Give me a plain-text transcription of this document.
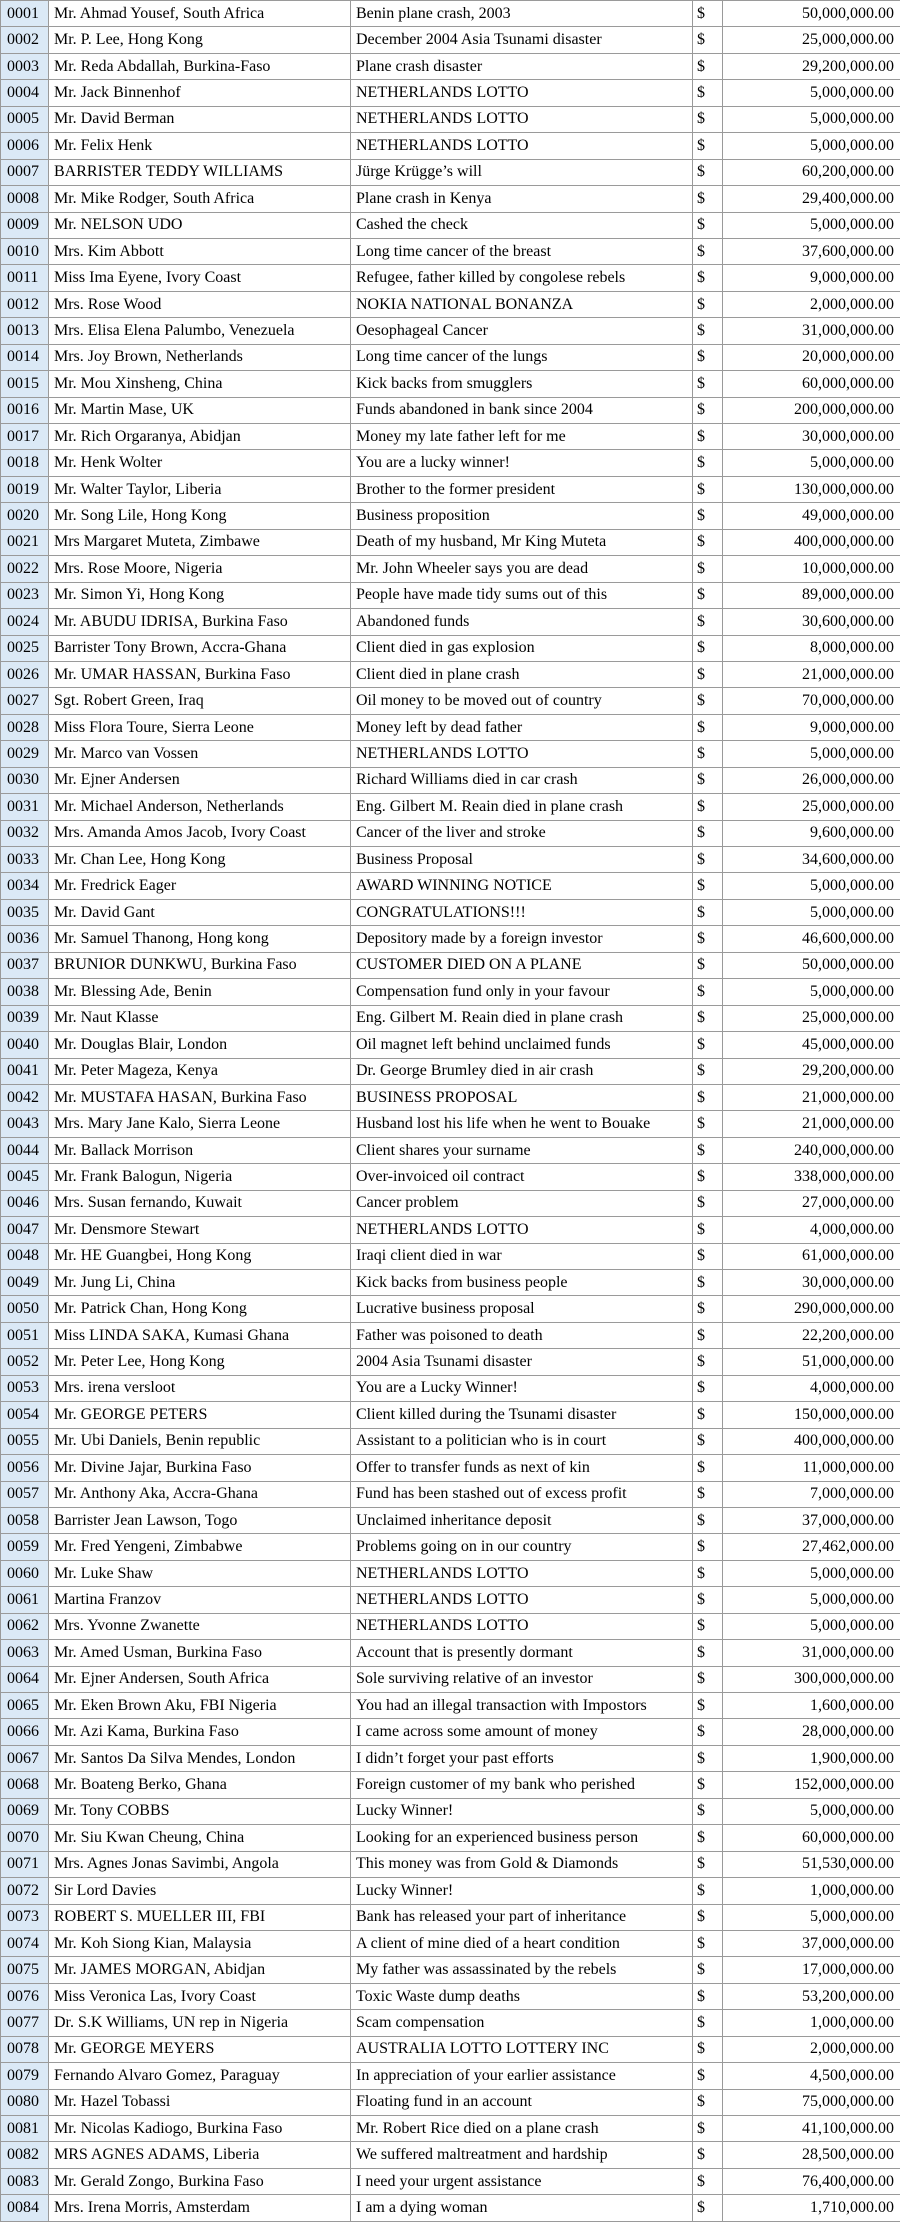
0001	Mr. Ahmad Yousef, South Africa	Benin plane crash, 2003	$	50,000,000.00
0002	Mr. P. Lee, Hong Kong	December 2004 Asia Tsunami disaster	$	25,000,000.00
0003	Mr. Reda Abdallah, Burkina-Faso	Plane crash disaster	$	29,200,000.00
0004	Mr. Jack Binnenhof	NETHERLANDS LOTTO	$	5,000,000.00
0005	Mr. David Berman	NETHERLANDS LOTTO	$	5,000,000.00
0006	Mr. Felix Henk	NETHERLANDS LOTTO	$	5,000,000.00
0007	BARRISTER TEDDY WILLIAMS	Jürge Krügge’s will	$	60,200,000.00
0008	Mr. Mike Rodger, South Africa	Plane crash in Kenya	$	29,400,000.00
0009	Mr. NELSON UDO	Cashed the check	$	5,000,000.00
0010	Mrs. Kim Abbott	Long time cancer of the breast	$	37,600,000.00
0011	Miss Ima Eyene, Ivory Coast	Refugee, father killed by congolese rebels	$	9,000,000.00
0012	Mrs. Rose Wood	NOKIA NATIONAL BONANZA	$	2,000,000.00
0013	Mrs. Elisa Elena Palumbo, Venezuela	Oesophageal Cancer	$	31,000,000.00
0014	Mrs. Joy Brown, Netherlands	Long time cancer of the lungs	$	20,000,000.00
0015	Mr. Mou Xinsheng, China	Kick backs from smugglers	$	60,000,000.00
0016	Mr. Martin Mase, UK	Funds abandoned in bank since 2004	$	200,000,000.00
0017	Mr. Rich Orgaranya, Abidjan	Money my late father left for me	$	30,000,000.00
0018	Mr. Henk Wolter	You are a lucky winner!	$	5,000,000.00
0019	Mr. Walter Taylor, Liberia	Brother to the former president	$	130,000,000.00
0020	Mr. Song Lile, Hong Kong	Business proposition	$	49,000,000.00
0021	Mrs Margaret Muteta, Zimbawe	Death of my husband, Mr King Muteta	$	400,000,000.00
0022	Mrs. Rose Moore, Nigeria	Mr. John Wheeler says you are dead	$	10,000,000.00
0023	Mr. Simon Yi, Hong Kong	People have made tidy sums out of this	$	89,000,000.00
0024	Mr. ABUDU IDRISA, Burkina Faso	Abandoned funds	$	30,600,000.00
0025	Barrister Tony Brown, Accra-Ghana	Client died in gas explosion	$	8,000,000.00
0026	Mr. UMAR HASSAN, Burkina Faso	Client died in plane crash	$	21,000,000.00
0027	Sgt. Robert Green, Iraq	Oil money to be moved out of country	$	70,000,000.00
0028	Miss Flora Toure, Sierra Leone	Money left by dead father	$	9,000,000.00
0029	Mr. Marco van Vossen	NETHERLANDS LOTTO	$	5,000,000.00
0030	Mr. Ejner Andersen	Richard Williams died in car crash	$	26,000,000.00
0031	Mr. Michael Anderson, Netherlands	Eng. Gilbert M. Reain died in plane crash	$	25,000,000.00
0032	Mrs. Amanda Amos Jacob, Ivory Coast	Cancer of the liver and stroke	$	9,600,000.00
0033	Mr. Chan Lee, Hong Kong	Business Proposal	$	34,600,000.00
0034	Mr. Fredrick Eager	AWARD WINNING NOTICE	$	5,000,000.00
0035	Mr. David Gant	CONGRATULATIONS!!!	$	5,000,000.00
0036	Mr. Samuel Thanong, Hong kong	Depository made by a foreign investor	$	46,600,000.00
0037	BRUNIOR DUNKWU, Burkina Faso	CUSTOMER DIED ON A PLANE	$	50,000,000.00
0038	Mr. Blessing Ade, Benin	Compensation fund only in your favour	$	5,000,000.00
0039	Mr. Naut Klasse	Eng. Gilbert M. Reain died in plane crash	$	25,000,000.00
0040	Mr. Douglas Blair, London	Oil magnet left behind unclaimed funds	$	45,000,000.00
0041	Mr. Peter Mageza, Kenya	Dr. George Brumley died in air crash	$	29,200,000.00
0042	Mr. MUSTAFA HASAN, Burkina Faso	BUSINESS PROPOSAL	$	21,000,000.00
0043	Mrs. Mary Jane Kalo, Sierra Leone	Husband lost his life when he went to Bouake	$	21,000,000.00
0044	Mr. Ballack Morrison	Client shares your surname	$	240,000,000.00
0045	Mr. Frank Balogun, Nigeria	Over-invoiced oil contract	$	338,000,000.00
0046	Mrs. Susan fernando, Kuwait	Cancer problem	$	27,000,000.00
0047	Mr. Densmore Stewart	NETHERLANDS LOTTO	$	4,000,000.00
0048	Mr. HE Guangbei, Hong Kong	Iraqi client died in war	$	61,000,000.00
0049	Mr. Jung Li, China	Kick backs from business people	$	30,000,000.00
0050	Mr. Patrick Chan, Hong Kong	Lucrative business proposal	$	290,000,000.00
0051	Miss LINDA SAKA, Kumasi Ghana	Father was poisoned to death	$	22,200,000.00
0052	Mr. Peter Lee, Hong Kong	2004 Asia Tsunami disaster	$	51,000,000.00
0053	Mrs. irena versloot	You are a Lucky Winner!	$	4,000,000.00
0054	Mr. GEORGE PETERS	Client killed during the Tsunami disaster	$	150,000,000.00
0055	Mr. Ubi Daniels, Benin republic	Assistant to a politician who is in court	$	400,000,000.00
0056	Mr. Divine Jajar, Burkina Faso	Offer to transfer funds as next of kin	$	11,000,000.00
0057	Mr. Anthony Aka, Accra-Ghana	Fund has been stashed out of excess profit	$	7,000,000.00
0058	Barrister Jean Lawson, Togo	Unclaimed inheritance deposit	$	37,000,000.00
0059	Mr. Fred Yengeni, Zimbabwe	Problems going on in our country	$	27,462,000.00
0060	Mr. Luke Shaw	NETHERLANDS LOTTO	$	5,000,000.00
0061	Martina Franzov	NETHERLANDS LOTTO	$	5,000,000.00
0062	Mrs. Yvonne Zwanette	NETHERLANDS LOTTO	$	5,000,000.00
0063	Mr. Amed Usman, Burkina Faso	Account that is presently dormant	$	31,000,000.00
0064	Mr. Ejner Andersen, South Africa	Sole surviving relative of an investor	$	300,000,000.00
0065	Mr. Eken Brown Aku, FBI Nigeria	You had an illegal transaction with Impostors	$	1,600,000.00
0066	Mr. Azi Kama, Burkina Faso	I came across some amount of money	$	28,000,000.00
0067	Mr. Santos Da Silva Mendes, London	I didn’t forget your past efforts	$	1,900,000.00
0068	Mr. Boateng Berko, Ghana	Foreign customer of my bank who perished	$	152,000,000.00
0069	Mr. Tony COBBS	Lucky Winner!	$	5,000,000.00
0070	Mr. Siu Kwan Cheung, China	Looking for an experienced business person	$	60,000,000.00
0071	Mrs. Agnes Jonas Savimbi, Angola	This money was from Gold & Diamonds	$	51,530,000.00
0072	Sir Lord Davies	Lucky Winner!	$	1,000,000.00
0073	ROBERT S. MUELLER III, FBI	Bank has released your part of inheritance	$	5,000,000.00
0074	Mr. Koh Siong Kian, Malaysia	A client of mine died of a heart condition	$	37,000,000.00
0075	Mr. JAMES MORGAN, Abidjan	My father was assassinated by the rebels	$	17,000,000.00
0076	Miss Veronica Las, Ivory Coast	Toxic Waste dump deaths	$	53,200,000.00
0077	Dr. S.K Williams, UN rep in Nigeria	Scam compensation	$	1,000,000.00
0078	Mr. GEORGE MEYERS	AUSTRALIA LOTTO LOTTERY INC	$	2,000,000.00
0079	Fernando Alvaro Gomez, Paraguay	In appreciation of your earlier assistance	$	4,500,000.00
0080	Mr. Hazel Tobassi	Floating fund in an account	$	75,000,000.00
0081	Mr. Nicolas Kadiogo, Burkina Faso	Mr. Robert Rice died on a plane crash	$	41,100,000.00
0082	MRS AGNES ADAMS, Liberia	We suffered maltreatment and hardship	$	28,500,000.00
0083	Mr. Gerald Zongo, Burkina Faso	I need your urgent assistance	$	76,400,000.00
0084	Mrs. Irena Morris, Amsterdam	I am a dying woman	$	1,710,000.00
